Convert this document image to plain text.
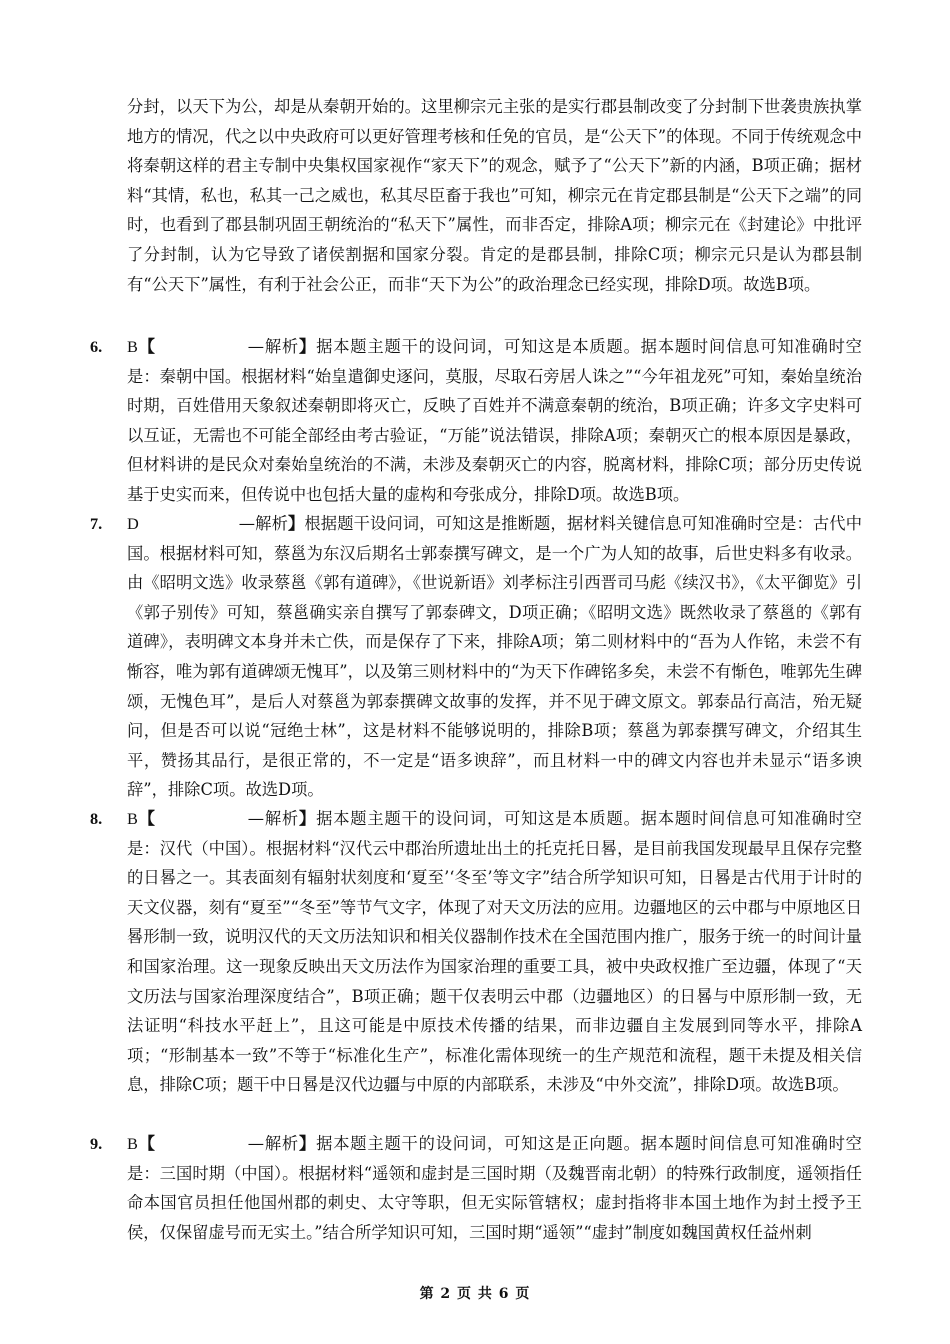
分封，以天下为公，却是从秦朝开始的。这里柳宗元主张的是实行郡县制改变了分封制下世袭贵族执掌地方的情况，代之以中央政府可以更好管理考核和任免的官员，是“公天下”的体现。不同于传统观念中将秦朝这样的君主专制中央集权国家视作“家天下”的观念，赋予了“公天下”新的内涵，B项正确；据材料“其情，私也，私其一己之威也，私其尽臣畜于我也”可知，柳宗元在肯定郡县制是“公天下之端”的同时，也看到了郡县制巩固王朝统治的“私天下”属性，而非否定，排除A项；柳宗元在《封建论》中批评了分封制，认为它导致了诸侯割据和国家分裂。肯定的是郡县制，排除C项；柳宗元只是认为郡县制有“公天下”属性，有利于社会公正，而非“天下为公”的政治理念已经实现，排除D项。故选B项。

6.	B【	—解析】据本题主题干的设问词，可知这是本质题。据本题时间信息可知准确时空是：秦朝中国。根据材料“始皇遣御史逐问，莫服，尽取石旁居人诛之”“今年祖龙死”可知，秦始皇统治时期，百姓借用天象叙述秦朝即将灭亡，反映了百姓并不满意秦朝的统治，B项正确；许多文字史料可以互证，无需也不可能全部经由考古验证，“万能”说法错误，排除A项；秦朝灭亡的根本原因是暴政，但材料讲的是民众对秦始皇统治的不满，未涉及秦朝灭亡的内容，脱离材料，排除C项；部分历史传说基于史实而来，但传说中也包括大量的虚构和夸张成分，排除D项。故选B项。
7.	D	—解析】根据题干设问词，可知这是推断题，据材料关键信息可知准确时空是：古代中国。根据材料可知，蔡邕为东汉后期名士郭泰撰写碑文，是一个广为人知的故事，后世史料多有收录。由《昭明文选》收录蔡邕《郭有道碑》，《世说新语》刘孝标注引西晋司马彪《续汉书》，《太平御览》引《郭子别传》可知，蔡邕确实亲自撰写了郭泰碑文，D项正确；《昭明文选》既然收录了蔡邕的《郭有道碑》，表明碑文本身并未亡佚，而是保存了下来，排除A项；第二则材料中的“吾为人作铭，未尝不有惭容，唯为郭有道碑颂无愧耳”，以及第三则材料中的“为天下作碑铭多矣，未尝不有惭色，唯郭先生碑颂，无愧色耳”，是后人对蔡邕为郭泰撰碑文故事的发挥，并不见于碑文原文。郭泰品行高洁，殆无疑问，但是否可以说“冠绝士林”，这是材料不能够说明的，排除B项；蔡邕为郭泰撰写碑文，介绍其生平，赞扬其品行，是很正常的，不一定是“语多谀辞”，而且材料一中的碑文内容也并未显示“语多谀辞”，排除C项。故选D项。
8.	B【	—解析】据本题主题干的设问词，可知这是本质题。据本题时间信息可知准确时空是：汉代（中国）。根据材料“汉代云中郡治所遗址出土的托克托日晷，是目前我国发现最早且保存完整的日晷之一。其表面刻有辐射状刻度和‘夏至’‘冬至’等文字”结合所学知识可知，日晷是古代用于计时的天文仪器，刻有“夏至”“冬至”等节气文字，体现了对天文历法的应用。边疆地区的云中郡与中原地区日晷形制一致，说明汉代的天文历法知识和相关仪器制作技术在全国范围内推广，服务于统一的时间计量和国家治理。这一现象反映出天文历法作为国家治理的重要工具，被中央政权推广至边疆，体现了“天文历法与国家治理深度结合”，B项正确；题干仅表明云中郡（边疆地区）的日晷与中原形制一致，无法证明“科技水平赶上”，且这可能是中原技术传播的结果，而非边疆自主发展到同等水平，排除A项；“形制基本一致”不等于“标准化生产”，标准化需体现统一的生产规范和流程，题干未提及相关信息，排除C项；题干中日晷是汉代边疆与中原的内部联系，未涉及“中外交流”，排除D项。故选B项。
9.	B【	—解析】据本题主题干的设问词，可知这是正向题。据本题时间信息可知准确时空是：三国时期（中国）。根据材料“遥领和虚封是三国时期（及魏晋南北朝）的特殊行政制度，遥领指任命本国官员担任他国州郡的刺史、太守等职，但无实际管辖权；虚封指将非本国土地作为封土授予王侯，仅保留虚号而无实土。”结合所学知识可知，三国时期“遥领”“虚封”制度如魏国黄权任益州刺
第 2 页 共 6 页
